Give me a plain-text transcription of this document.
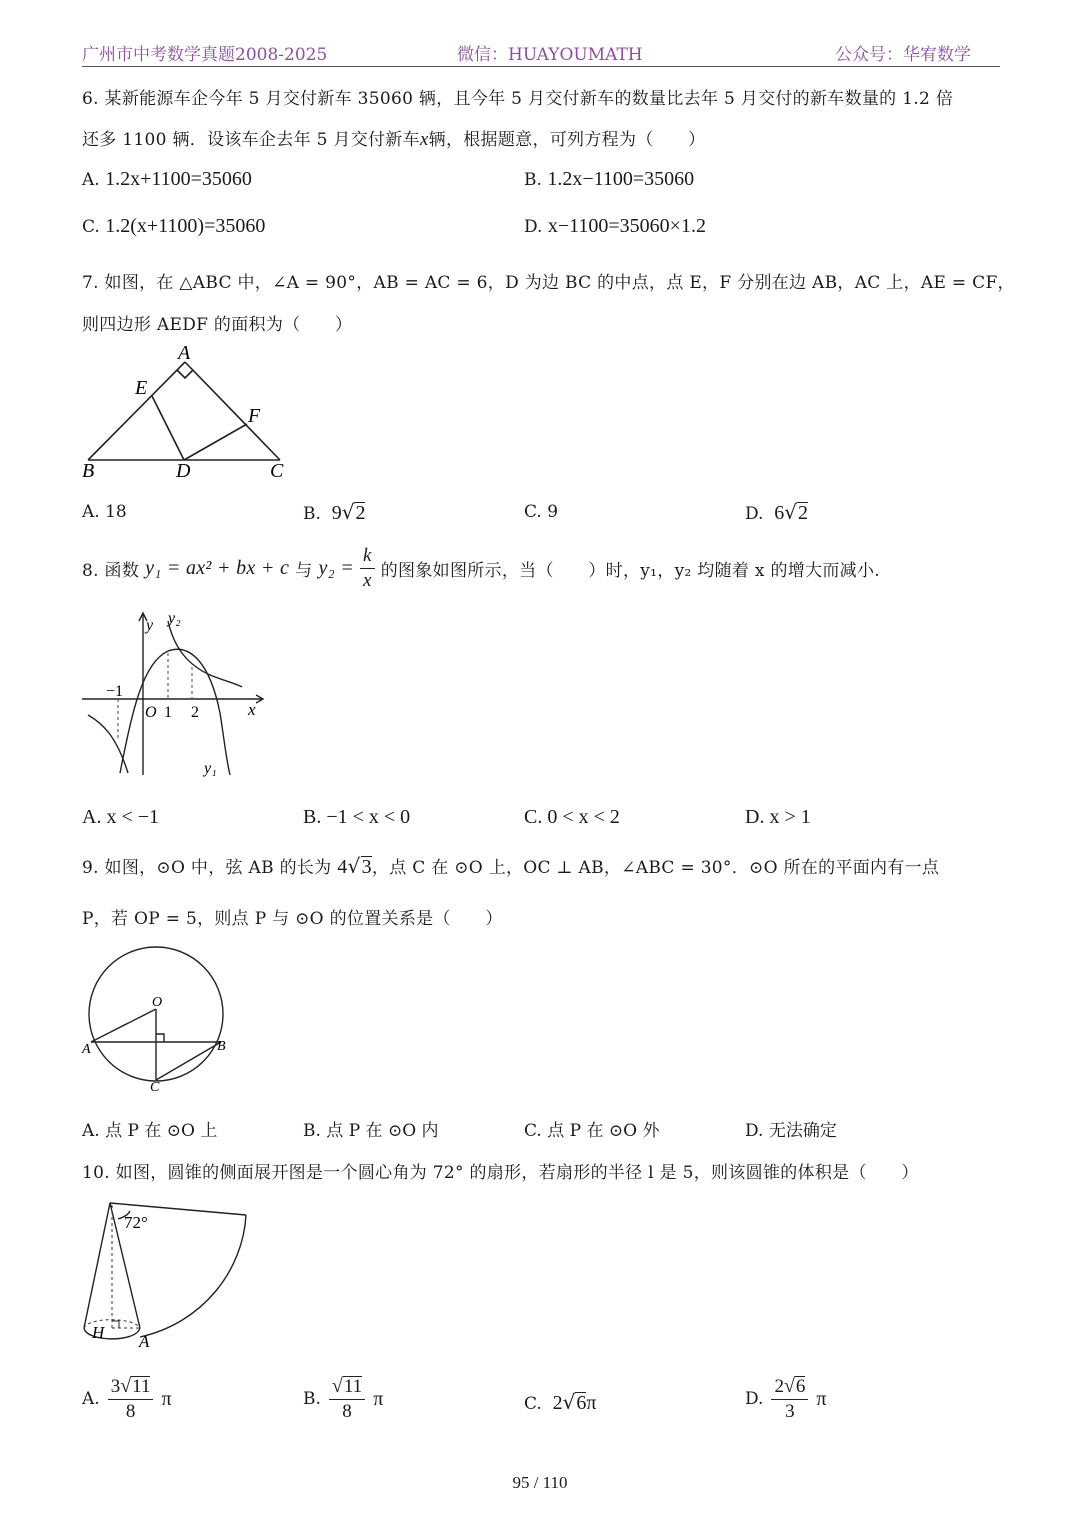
广州市中考数学真题2008-2025	微信：HUAYOUMATH	公众号：华宥数学
6. 某新能源车企今年 5 月交付新车 35060 辆，且今年 5 月交付新车的数量比去年 5 月交付的新车数量的 1.2 倍
还多 1100 辆．设该车企去年 5 月交付新车x辆，根据题意，可列方程为（　　）
A. 1.2x+1100=35060	B. 1.2x−1100=35060
C. 1.2(x+1100)=35060	D. x−1100=35060×1.2
7. 如图，在 △ABC 中，∠A = 90°，AB = AC = 6，D 为边 BC 的中点，点 E，F 分别在边 AB，AC 上，AE = CF，
则四边形 AEDF 的面积为（　　）
A
E
F
B	D	C
A. 18	B. 9√2	C. 9	D. 6√2
8. 函数 y₁ = ax² + bx + c 与 $y_2 = \frac{k}{x}$ 的图象如图所示，当（　　）时，y₁，y₂ 均随着 x 的增大而减小.
y y₂
−1
O 1 2	x
y₁
A. x < −1	B. −1 < x < 0	C. 0 < x < 2	D. x > 1
9. 如图，⊙O 中，弦 AB 的长为 4√3，点 C 在 ⊙O 上，OC ⊥ AB，∠ABC = 30°．⊙O 所在的平面内有一点
P，若 OP = 5，则点 P 与 ⊙O 的位置关系是（　　）
O
A	B
C
A. 点 P 在 ⊙O 上	B. 点 P 在 ⊙O 内	C. 点 P 在 ⊙O 外	D. 无法确定
10. 如图，圆锥的侧面展开图是一个圆心角为 72° 的扇形，若扇形的半径 l 是 5，则该圆锥的体积是（　　）
72°
H A
A. $\frac{3√11}{8}$ π	B. $\frac{√11}{8}$ π	C. 2√6π	D. $\frac{2√6}{3}$ π
95 / 110
